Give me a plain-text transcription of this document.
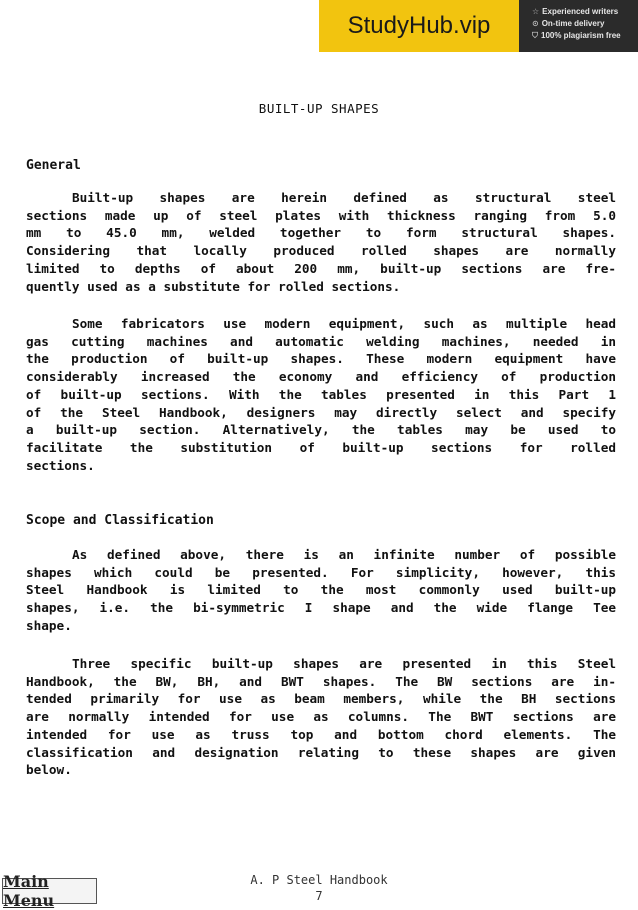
StudyHub.vip
☆ Experienced writers
⊙ On-time delivery
⛉ 100% plagiarism free
BUILT-UP SHAPES
General
Built-up shapes are herein defined as structural steel
sections made up of steel plates with thickness ranging from 5.0
mm to 45.0 mm, welded together to form structural shapes.
Considering that locally produced rolled shapes are normally
limited to depths of about 200 mm, built-up sections are fre-
quently used as a substitute for rolled sections.
Some fabricators use modern equipment, such as multiple head
gas cutting machines and automatic welding machines, needed in
the production of built-up shapes. These modern equipment have
considerably increased the economy and efficiency of production
of built-up sections. With the tables presented in this Part 1
of the Steel Handbook, designers may directly select and specify
a built-up section. Alternatively, the tables may be used to
facilitate the substitution of built-up sections for rolled
sections.
Scope and Classification
As defined above, there is an infinite number of possible
shapes which could be presented. For simplicity, however, this
Steel Handbook is limited to the most commonly used built-up
shapes, i.e. the bi-symmetric I shape and the wide flange Tee
shape.
Three specific built-up shapes are presented in this Steel
Handbook, the BW, BH, and BWT shapes. The BW sections are in-
tended primarily for use as beam members, while the BH sections
are normally intended for use as columns. The BWT sections are
intended for use as truss top and bottom chord elements. The
classification and designation relating to these shapes are given
below.
A. P Steel Handbook
7
Main Menu
